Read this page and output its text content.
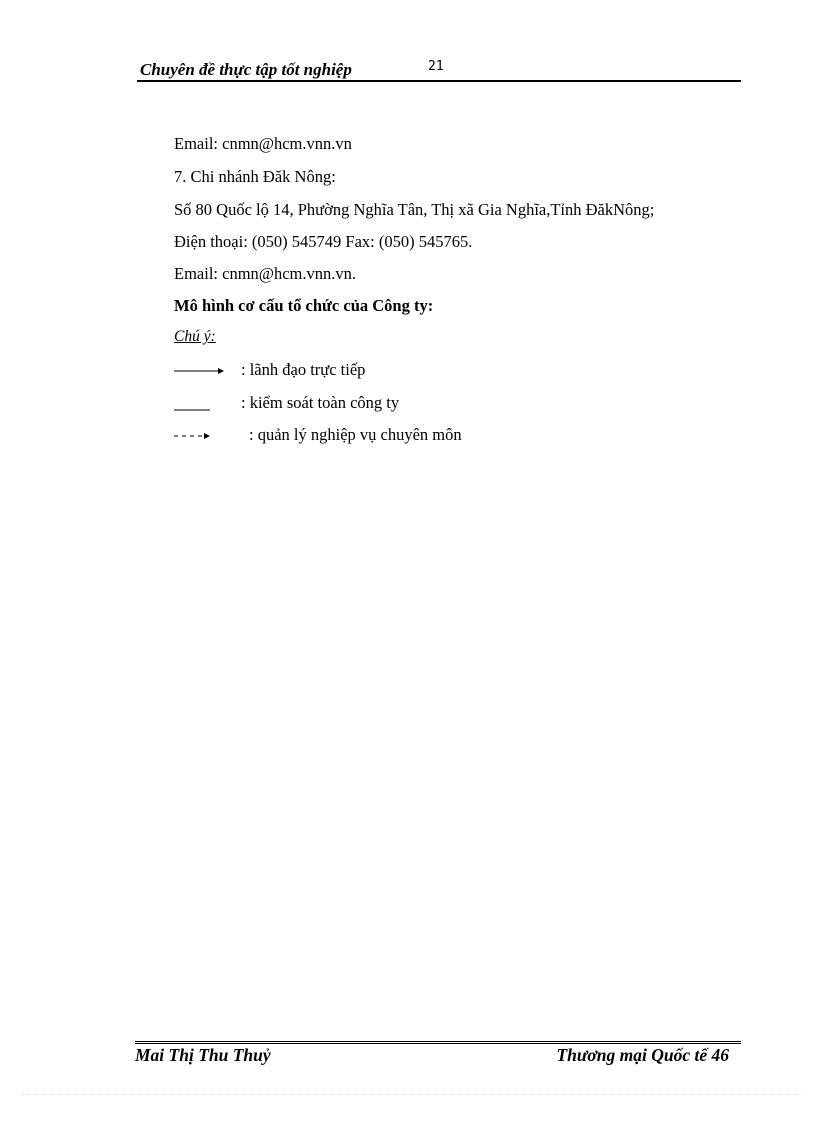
Chuyên đề thực tập tốt nghiệp	21
Email: cnmn@hcm.vnn.vn
7. Chi nhánh Đăk Nông:
Số 80 Quốc lộ 14, Phường Nghĩa Tân, Thị xã Gia Nghĩa,Tỉnh ĐăkNông;
Điện thoại: (050) 545749 Fax: (050) 545765.
Email: cnmn@hcm.vnn.vn.
Mô hình cơ cấu tổ chức của Công ty:
Chú ý:
: lãnh đạo trực tiếp
: kiểm soát toàn công ty
: quản lý nghiệp vụ chuyên môn
Mai Thị Thu Thuỷ	Thương mại Quốc tế 46
